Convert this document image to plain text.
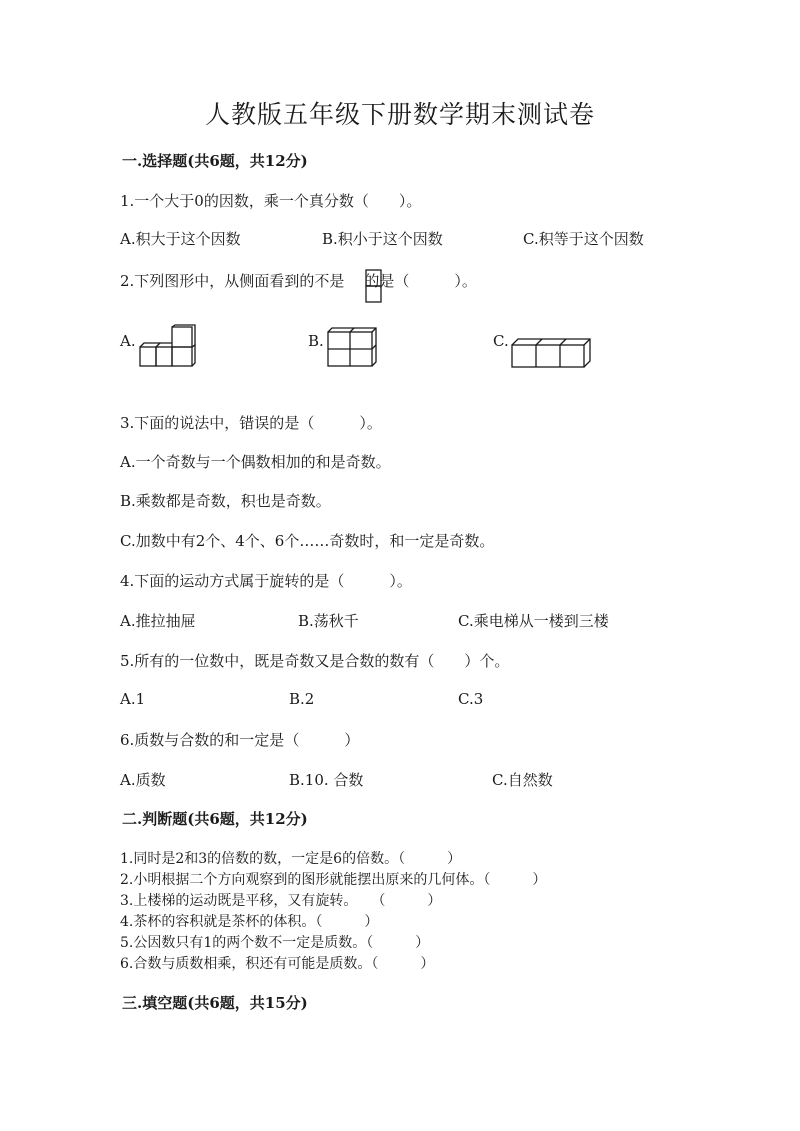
人教版五年级下册数学期末测试卷
一.选择题(共6题，共12分)
1.一个大于0的因数，乘一个真分数（　　）。
A.积大于这个因数	B.积小于这个因数	C.积等于这个因数
2.下列图形中，从侧面看到的不是 的是（　　　）。
A.	B.	C.
3.下面的说法中，错误的是（　　　）。
A.一个奇数与一个偶数相加的和是奇数。
B.乘数都是奇数，积也是奇数。
C.加数中有2个、4个、6个……奇数时，和一定是奇数。
4.下面的运动方式属于旋转的是（　　　）。
A.推拉抽屉	B.荡秋千	C.乘电梯从一楼到三楼
5.所有的一位数中，既是奇数又是合数的数有（　　）个。
A.1	B.2	C.3
6.质数与合数的和一定是（　　　）
A.质数	B.10. 合数	C.自然数
二.判断题(共6题，共12分)
1.同时是2和3的倍数的数，一定是6的倍数。（　　　）
2.小明根据二个方向观察到的图形就能摆出原来的几何体。（　　　）
3.上楼梯的运动既是平移，又有旋转。　　（　　　）
4.茶杯的容积就是茶杯的体积。（　　　）
5.公因数只有1的两个数不一定是质数。（　　　）
6.合数与质数相乘，积还有可能是质数。（　　　）
三.填空题(共6题，共15分)
